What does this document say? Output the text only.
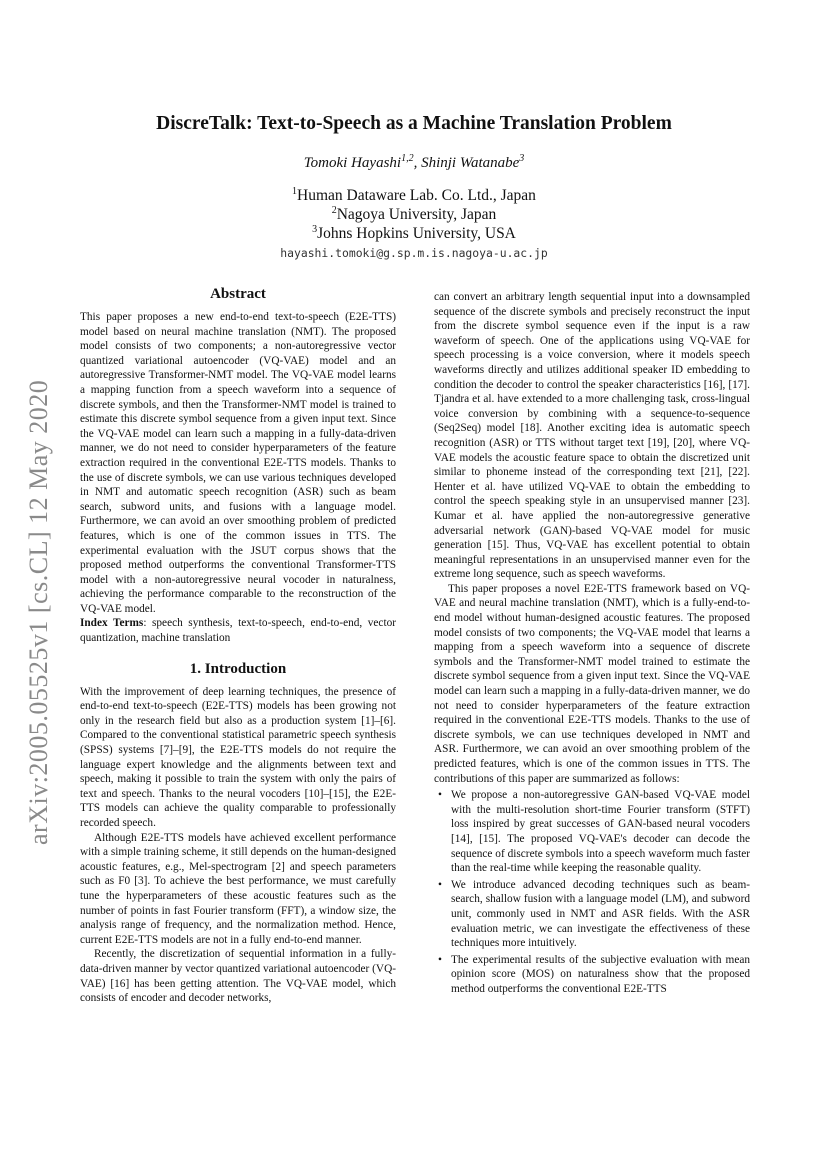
arXiv:2005.05525v1 [cs.CL] 12 May 2020
DiscreTalk: Text-to-Speech as a Machine Translation Problem
Tomoki Hayashi$^{1,2}$, Shinji Watanabe$^3$
$^1$Human Dataware Lab. Co. Ltd., Japan
$^2$Nagoya University, Japan
$^3$Johns Hopkins University, USA
hayashi.tomoki@g.sp.m.is.nagoya-u.ac.jp
Abstract

This paper proposes a new end-to-end text-to-speech (E2E-TTS) model based on neural machine translation (NMT). The proposed model consists of two components; a non-autoregressive vector quantized variational autoencoder (VQ-VAE) model and an autoregressive Transformer-NMT model. The VQ-VAE model learns a mapping function from a speech waveform into a sequence of discrete symbols, and then the Transformer-NMT model is trained to estimate this discrete symbol sequence from a given input text. Since the VQ-VAE model can learn such a mapping in a fully-data-driven manner, we do not need to consider hyperparameters of the feature extraction required in the conventional E2E-TTS models. Thanks to the use of discrete symbols, we can use various techniques developed in NMT and automatic speech recognition (ASR) such as beam search, subword units, and fusions with a language model. Furthermore, we can avoid an over smoothing problem of predicted features, which is one of the common issues in TTS. The experimental evaluation with the JSUT corpus shows that the proposed method outperforms the conventional Transformer-TTS model with a non-autoregressive neural vocoder in naturalness, achieving the performance comparable to the reconstruction of the VQ-VAE model.

Index Terms: speech synthesis, text-to-speech, end-to-end, vector quantization, machine translation

1. Introduction

With the improvement of deep learning techniques, the presence of end-to-end text-to-speech (E2E-TTS) models has been growing not only in the research field but also as a production system [1]–[6]. Compared to the conventional statistical parametric speech synthesis (SPSS) systems [7]–[9], the E2E-TTS models do not require the language expert knowledge and the alignments between text and speech, making it possible to train the system with only the pairs of text and speech. Thanks to the neural vocoders [10]–[15], the E2E-TTS models can achieve the quality comparable to professionally recorded speech.

Although E2E-TTS models have achieved excellent performance with a simple training scheme, it still depends on the human-designed acoustic features, e.g., Mel-spectrogram [2] and speech parameters such as F0 [3]. To achieve the best performance, we must carefully tune the hyperparameters of these acoustic features such as the number of points in fast Fourier transform (FFT), a window size, the analysis range of frequency, and the normalization method. Hence, current E2E-TTS models are not in a fully end-to-end manner.

Recently, the discretization of sequential information in a fully-data-driven manner by vector quantized variational autoencoder (VQ-VAE) [16] has been getting attention. The VQ-VAE model, which consists of encoder and decoder networks,

can convert an arbitrary length sequential input into a downsampled sequence of the discrete symbols and precisely reconstruct the input from the discrete symbol sequence even if the input is a raw waveform of speech. One of the applications using VQ-VAE for speech processing is a voice conversion, where it models speech waveforms directly and utilizes additional speaker ID embedding to condition the decoder to control the speaker characteristics [16], [17]. Tjandra et al. have extended to a more challenging task, cross-lingual voice conversion by combining with a sequence-to-sequence (Seq2Seq) model [18]. Another exciting idea is automatic speech recognition (ASR) or TTS without target text [19], [20], where VQ-VAE models the acoustic feature space to obtain the discretized unit similar to phoneme instead of the corresponding text [21], [22]. Henter et al. have utilized VQ-VAE to obtain the embedding to control the speech speaking style in an unsupervised manner [23]. Kumar et al. have applied the non-autoregressive generative adversarial network (GAN)-based VQ-VAE model for music generation [15]. Thus, VQ-VAE has excellent potential to obtain meaningful representations in an unsupervised manner even for the extreme long sequence, such as speech waveforms.

This paper proposes a novel E2E-TTS framework based on VQ-VAE and neural machine translation (NMT), which is a fully-end-to-end model without human-designed acoustic features. The proposed model consists of two components; the VQ-VAE model that learns a mapping from a speech waveform into a sequence of discrete symbols and the Transformer-NMT model trained to estimate the discrete symbol sequence from a given input text. Since the VQ-VAE model can learn such a mapping in a fully-data-driven manner, we do not need to consider hyperparameters of the feature extraction required in the conventional E2E-TTS models. Thanks to the use of discrete symbols, we can use techniques developed in NMT and ASR. Furthermore, we can avoid an over smoothing problem of the predicted features, which is one of the common issues in TTS. The contributions of this paper are summarized as follows:

• We propose a non-autoregressive GAN-based VQ-VAE model with the multi-resolution short-time Fourier transform (STFT) loss inspired by great successes of GAN-based neural vocoders [14], [15]. The proposed VQ-VAE's decoder can decode the sequence of discrete symbols into a speech waveform much faster than the real-time while keeping the reasonable quality.
• We introduce advanced decoding techniques such as beam-search, shallow fusion with a language model (LM), and subword unit, commonly used in NMT and ASR fields. With the ASR evaluation metric, we can investigate the effectiveness of these techniques more intuitively.
• The experimental results of the subjective evaluation with mean opinion score (MOS) on naturalness show that the proposed method outperforms the conventional E2E-TTS
